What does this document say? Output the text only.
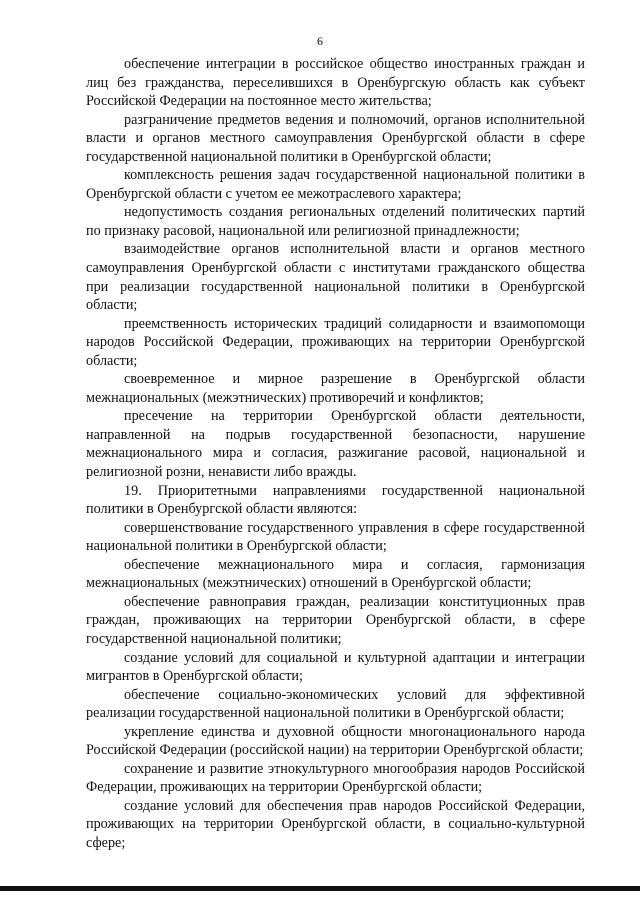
6

обеспечение интеграции в российское общество иностранных граждан и лиц без гражданства, переселившихся в Оренбургскую область как субъект Российской Федерации на постоянное место жительства;

разграничение предметов ведения и полномочий, органов исполнительной власти и органов местного самоуправления Оренбургской области в сфере государственной национальной политики в Оренбургской области;

комплексность решения задач государственной национальной политики в Оренбургской области с учетом ее межотраслевого характера;

недопустимость создания региональных отделений политических партий по признаку расовой, национальной или религиозной принадлежности;

взаимодействие органов исполнительной власти и органов местного самоуправления Оренбургской области с институтами гражданского общества при реализации государственной национальной политики в Оренбургской области;

преемственность исторических традиций солидарности и взаимопомощи народов Российской Федерации, проживающих на территории Оренбургской области;

своевременное и мирное разрешение в Оренбургской области межнациональных (межэтнических) противоречий и конфликтов;

пресечение на территории Оренбургской области деятельности, направленной на подрыв государственной безопасности, нарушение межнационального мира и согласия, разжигание расовой, национальной и религиозной розни, ненависти либо вражды.

19. Приоритетными направлениями государственной национальной политики в Оренбургской области являются:

совершенствование государственного управления в сфере государственной национальной политики в Оренбургской области;

обеспечение межнационального мира и согласия, гармонизация межнациональных (межэтнических) отношений в Оренбургской области;

обеспечение равноправия граждан, реализации конституционных прав граждан, проживающих на территории Оренбургской области, в сфере государственной национальной политики;

создание условий для социальной и культурной адаптации и интеграции мигрантов в Оренбургской области;

обеспечение социально-экономических условий для эффективной реализации государственной национальной политики в Оренбургской области;

укрепление единства и духовной общности многонационального народа Российской Федерации (российской нации) на территории Оренбургской области;

сохранение и развитие этнокультурного многообразия народов Российской Федерации, проживающих на территории Оренбургской области;

создание условий для обеспечения прав народов Российской Федерации, проживающих на территории Оренбургской области, в социально-культурной сфере;
